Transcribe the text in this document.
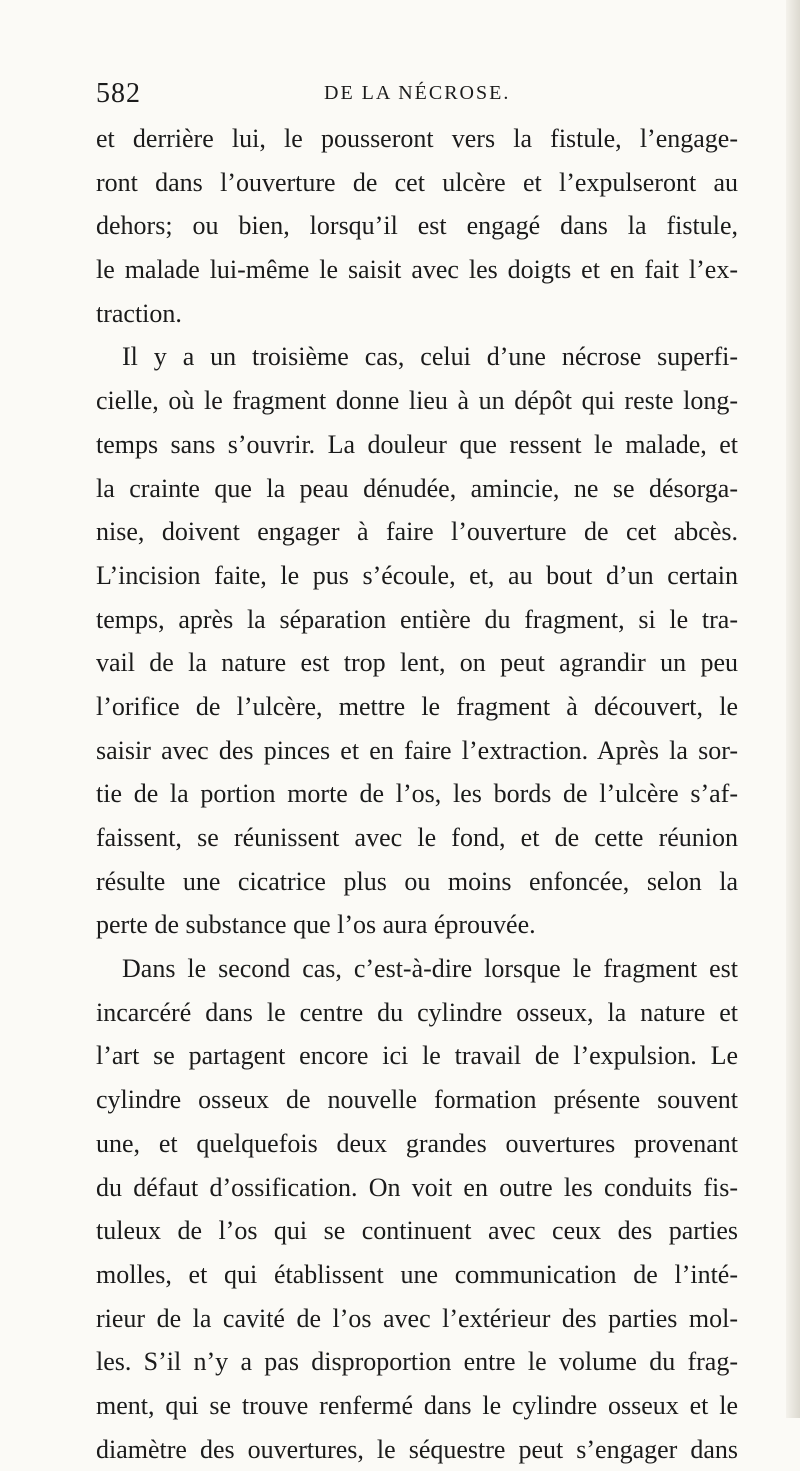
582	DE LA NÉCROSE.
et derrière lui, le pousseront vers la fistule, l’engage-
ront dans l’ouverture de cet ulcère et l’expulseront au
dehors; ou bien, lorsqu’il est engagé dans la fistule,
le malade lui-même le saisit avec les doigts et en fait l’ex-
traction.
Il y a un troisième cas, celui d’une nécrose superfi-
cielle, où le fragment donne lieu à un dépôt qui reste long-
temps sans s’ouvrir. La douleur que ressent le malade, et
la crainte que la peau dénudée, amincie, ne se désorga-
nise, doivent engager à faire l’ouverture de cet abcès.
L’incision faite, le pus s’écoule, et, au bout d’un certain
temps, après la séparation entière du fragment, si le tra-
vail de la nature est trop lent, on peut agrandir un peu
l’orifice de l’ulcère, mettre le fragment à découvert, le
saisir avec des pinces et en faire l’extraction. Après la sor-
tie de la portion morte de l’os, les bords de l’ulcère s’af-
faissent, se réunissent avec le fond, et de cette réunion
résulte une cicatrice plus ou moins enfoncée, selon la
perte de substance que l’os aura éprouvée.
Dans le second cas, c’est-à-dire lorsque le fragment est
incarcéré dans le centre du cylindre osseux, la nature et
l’art se partagent encore ici le travail de l’expulsion. Le
cylindre osseux de nouvelle formation présente souvent
une, et quelquefois deux grandes ouvertures provenant
du défaut d’ossification. On voit en outre les conduits fis-
tuleux de l’os qui se continuent avec ceux des parties
molles, et qui établissent une communication de l’inté-
rieur de la cavité de l’os avec l’extérieur des parties mol-
les. S’il n’y a pas disproportion entre le volume du frag-
ment, qui se trouve renfermé dans le cylindre osseux et le
diamètre des ouvertures, le séquestre peut s’engager dans
